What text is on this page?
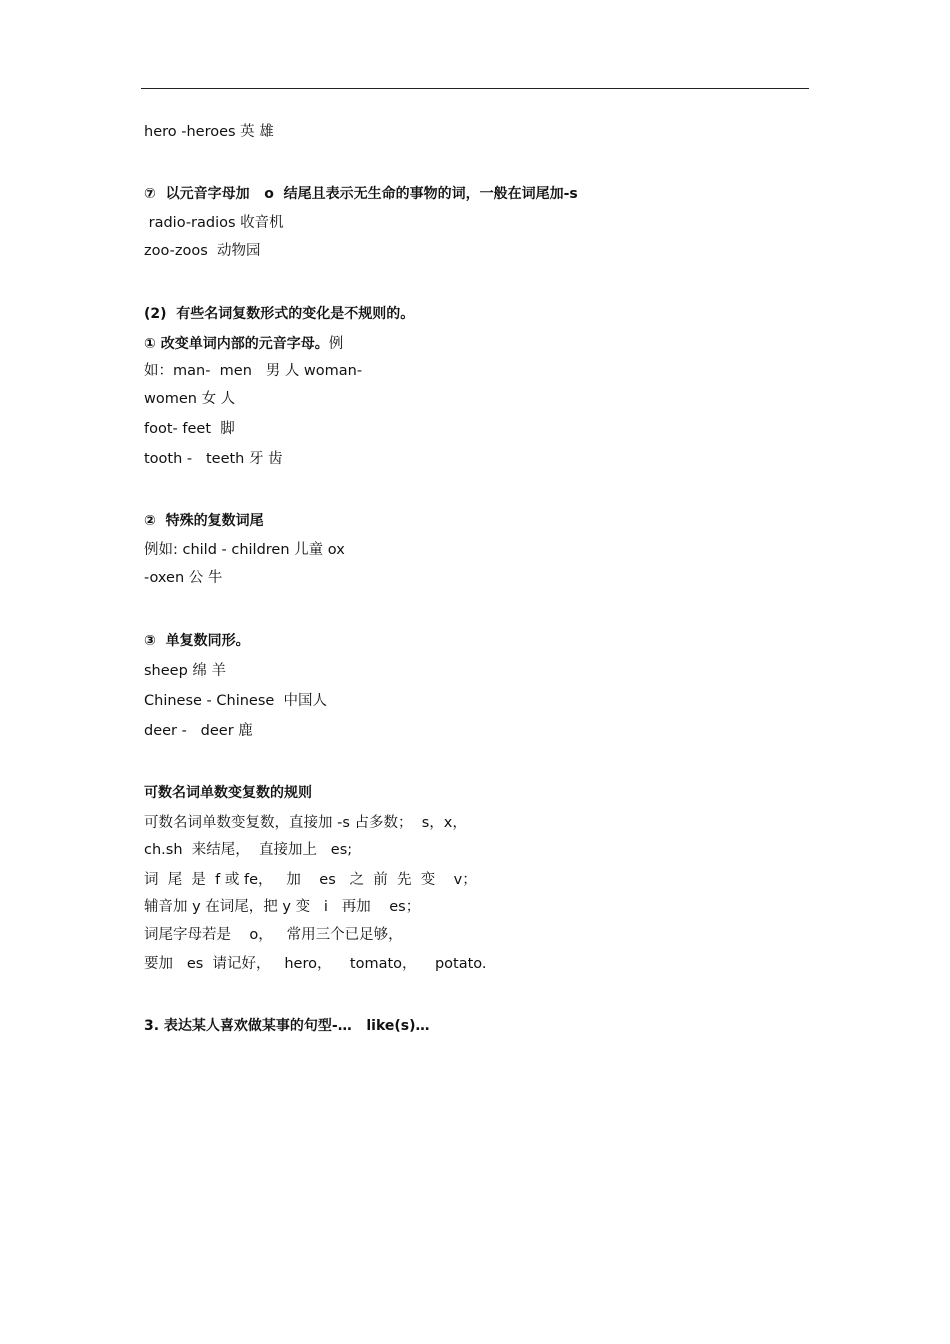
hero -heroes 英 雄
⑦  以元音字母加   o  结尾且表示无生命的事物的词，一般在词尾加-s
radio-radios 收音机
zoo-zoos  动物园
(2)  有些名词复数形式的变化是不规则的。
① 改变单词内部的元音字母。例
如：man-  men   男 人 woman-
women 女 人
foot- feet  脚
tooth -   teeth 牙 齿
②  特殊的复数词尾
例如: child - children 儿童 ox
-oxen 公 牛
③  单复数同形。
sheep 绵 羊
Chinese - Chinese  中国人
deer -   deer 鹿
可数名词单数变复数的规则
可数名词单数变复数，直接加 -s 占多数；  s，x，
ch.sh  来结尾，  直接加上   es;
词  尾  是  f 或 fe，   加    es   之  前  先  变    v；
辅音加 y 在词尾，把 y 变   i   再加    es；
词尾字母若是    o，   常用三个已足够，
要加   es  请记好，   hero，    tomato，    potato.
3. 表达某人喜欢做某事的句型-…   like(s)…
